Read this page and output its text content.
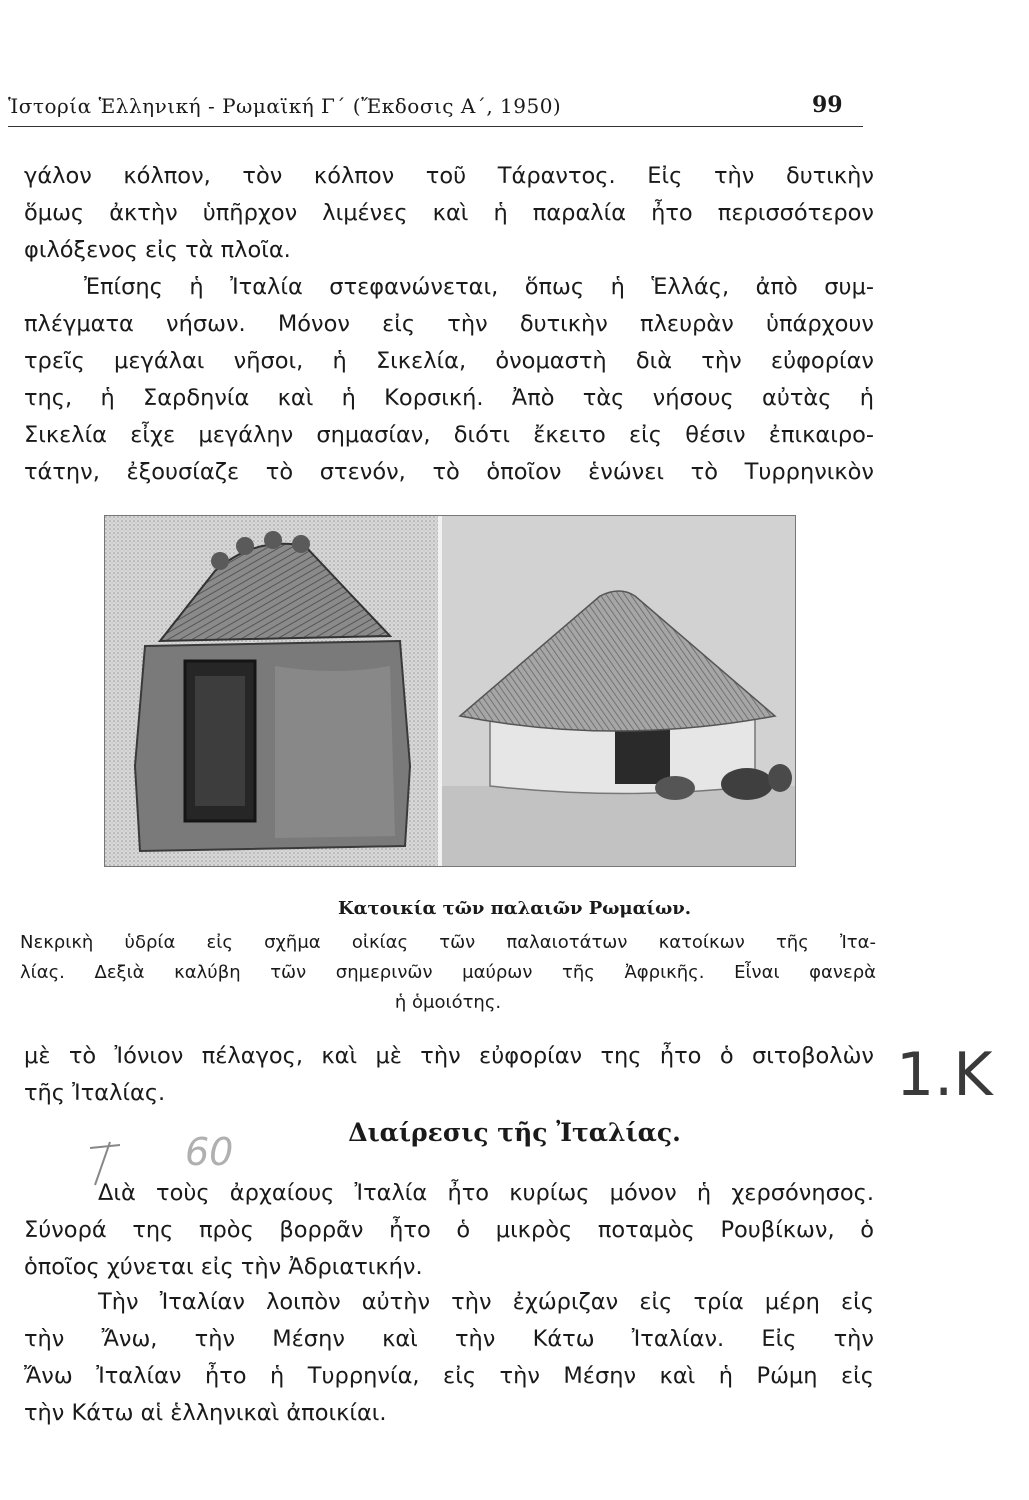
Ἱστορία Ἑλληνική - Ρωμαϊκή Γ΄ (Ἔκδοσις Α΄, 1950)	99
γάλον κόλπον, τὸν κόλπον τοῦ Τάραντος. Εἰς τὴν δυτικὴν
ὅμως ἀκτὴν ὑπῆρχον λιμένες καὶ ἡ παραλία ἦτο περισσότερον
φιλόξενος εἰς τὰ πλοῖα.
Ἐπίσης ἡ Ἰταλία στεφανώνεται, ὅπως ἡ Ἑλλάς, ἀπὸ συμ-
πλέγματα νήσων. Μόνον εἰς τὴν δυτικὴν πλευρὰν ὑπάρχουν
τρεῖς μεγάλαι νῆσοι, ἡ Σικελία, ὀνομαστὴ διὰ τὴν εὐφορίαν
της, ἡ Σαρδηνία καὶ ἡ Κορσική. Ἀπὸ τὰς νήσους αὐτὰς ἡ
Σικελία εἶχε μεγάλην σημασίαν, διότι ἔκειτο εἰς θέσιν ἐπικαιρο-
τάτην, ἐξουσίαζε τὸ στενόν, τὸ ὁποῖον ἑνώνει τὸ Τυρρηνικὸν
Κατοικία τῶν παλαιῶν Ρωμαίων.
Νεκρικὴ ὑδρία εἰς σχῆμα οἰκίας τῶν παλαιοτάτων κατοίκων τῆς Ἰτα-
λίας. Δεξιὰ καλύβη τῶν σημερινῶν μαύρων τῆς Ἀφρικῆς. Εἶναι φανερὰ
ἡ ὁμοιότης.
μὲ τὸ Ἰόνιον πέλαγος, καὶ μὲ τὴν εὐφορίαν της ἦτο ὁ σιτοβολὼν
τῆς Ἰταλίας.
Διαίρεσις τῆς Ἰταλίας.
Διὰ τοὺς ἀρχαίους Ἰταλία ἦτο κυρίως μόνον ἡ χερσόνησος.
Σύνορά της πρὸς βορρᾶν ἦτο ὁ μικρὸς ποταμὸς Ρουβίκων, ὁ
ὁποῖος χύνεται εἰς τὴν Ἀδριατικήν.
Τὴν Ἰταλίαν λοιπὸν αὐτὴν τὴν ἐχώριζαν εἰς τρία μέρη εἰς
τὴν Ἄνω, τὴν Μέσην καὶ τὴν Κάτω Ἰταλίαν. Εἰς τὴν
Ἄνω Ἰταλίαν ἦτο ἡ Τυρρηνία, εἰς τὴν Μέσην καὶ ἡ Ρώμη εἰς
τὴν Κάτω αἱ ἑλληνικαὶ ἀποικίαι.
1.K
60
